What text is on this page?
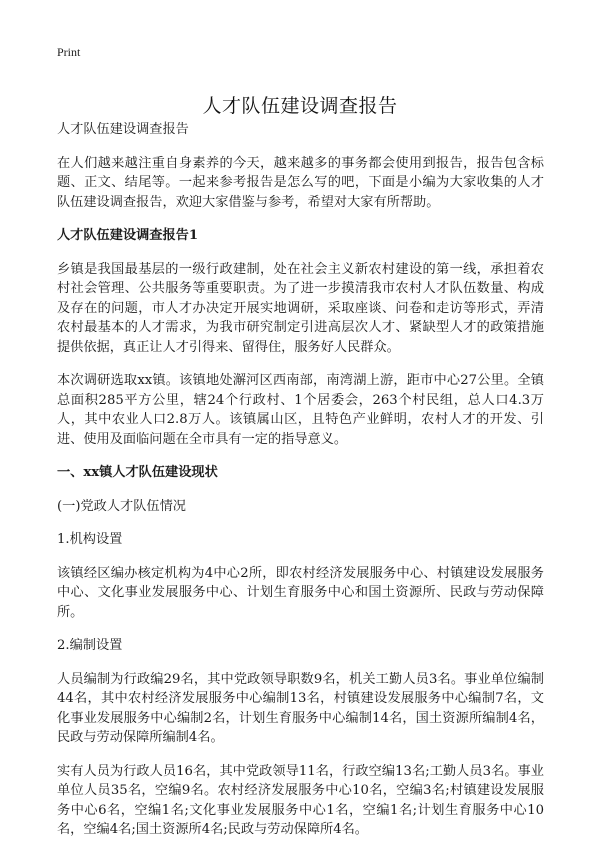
Print
人才队伍建设调查报告

人才队伍建设调查报告

在人们越来越注重自身素养的今天，越来越多的事务都会使用到报告，报告包含标题、正文、结尾等。一起来参考报告是怎么写的吧，下面是小编为大家收集的人才队伍建设调查报告，欢迎大家借鉴与参考，希望对大家有所帮助。

人才队伍建设调查报告1

乡镇是我国最基层的一级行政建制，处在社会主义新农村建设的第一线，承担着农村社会管理、公共服务等重要职责。为了进一步摸清我市农村人才队伍数量、构成及存在的问题，市人才办决定开展实地调研，采取座谈、问卷和走访等形式，弄清农村最基本的人才需求，为我市研究制定引进高层次人才、紧缺型人才的政策措施提供依据，真正让人才引得来、留得住，服务好人民群众。

本次调研选取xx镇。该镇地处澥河区西南部，南湾湖上游，距市中心27公里。全镇总面积285平方公里，辖24个行政村、1个居委会，263个村民组，总人口4.3万人，其中农业人口2.8万人。该镇属山区，且特色产业鲜明，农村人才的开发、引进、使用及面临问题在全市具有一定的指导意义。

一、xx镇人才队伍建设现状

(一)党政人才队伍情况

1.机构设置

该镇经区编办核定机构为4中心2所，即农村经济发展服务中心、村镇建设发展服务中心、文化事业发展服务中心、计划生育服务中心和国土资源所、民政与劳动保障所。

2.编制设置

人员编制为行政编29名，其中党政领导职数9名，机关工勤人员3名。事业单位编制44名，其中农村经济发展服务中心编制13名，村镇建设发展服务中心编制7名，文化事业发展服务中心编制2名，计划生育服务中心编制14名，国土资源所编制4名，民政与劳动保障所编制4名。

实有人员为行政人员16名，其中党政领导11名，行政空编13名;工勤人员3名。事业单位人员35名，空编9名。农村经济发展服务中心10名，空编3名;村镇建设发展服务中心6名，空编1名;文化事业发展服务中心1名，空编1名;计划生育服务中心10名，空编4名;国土资源所4名;民政与劳动保障所4名。
